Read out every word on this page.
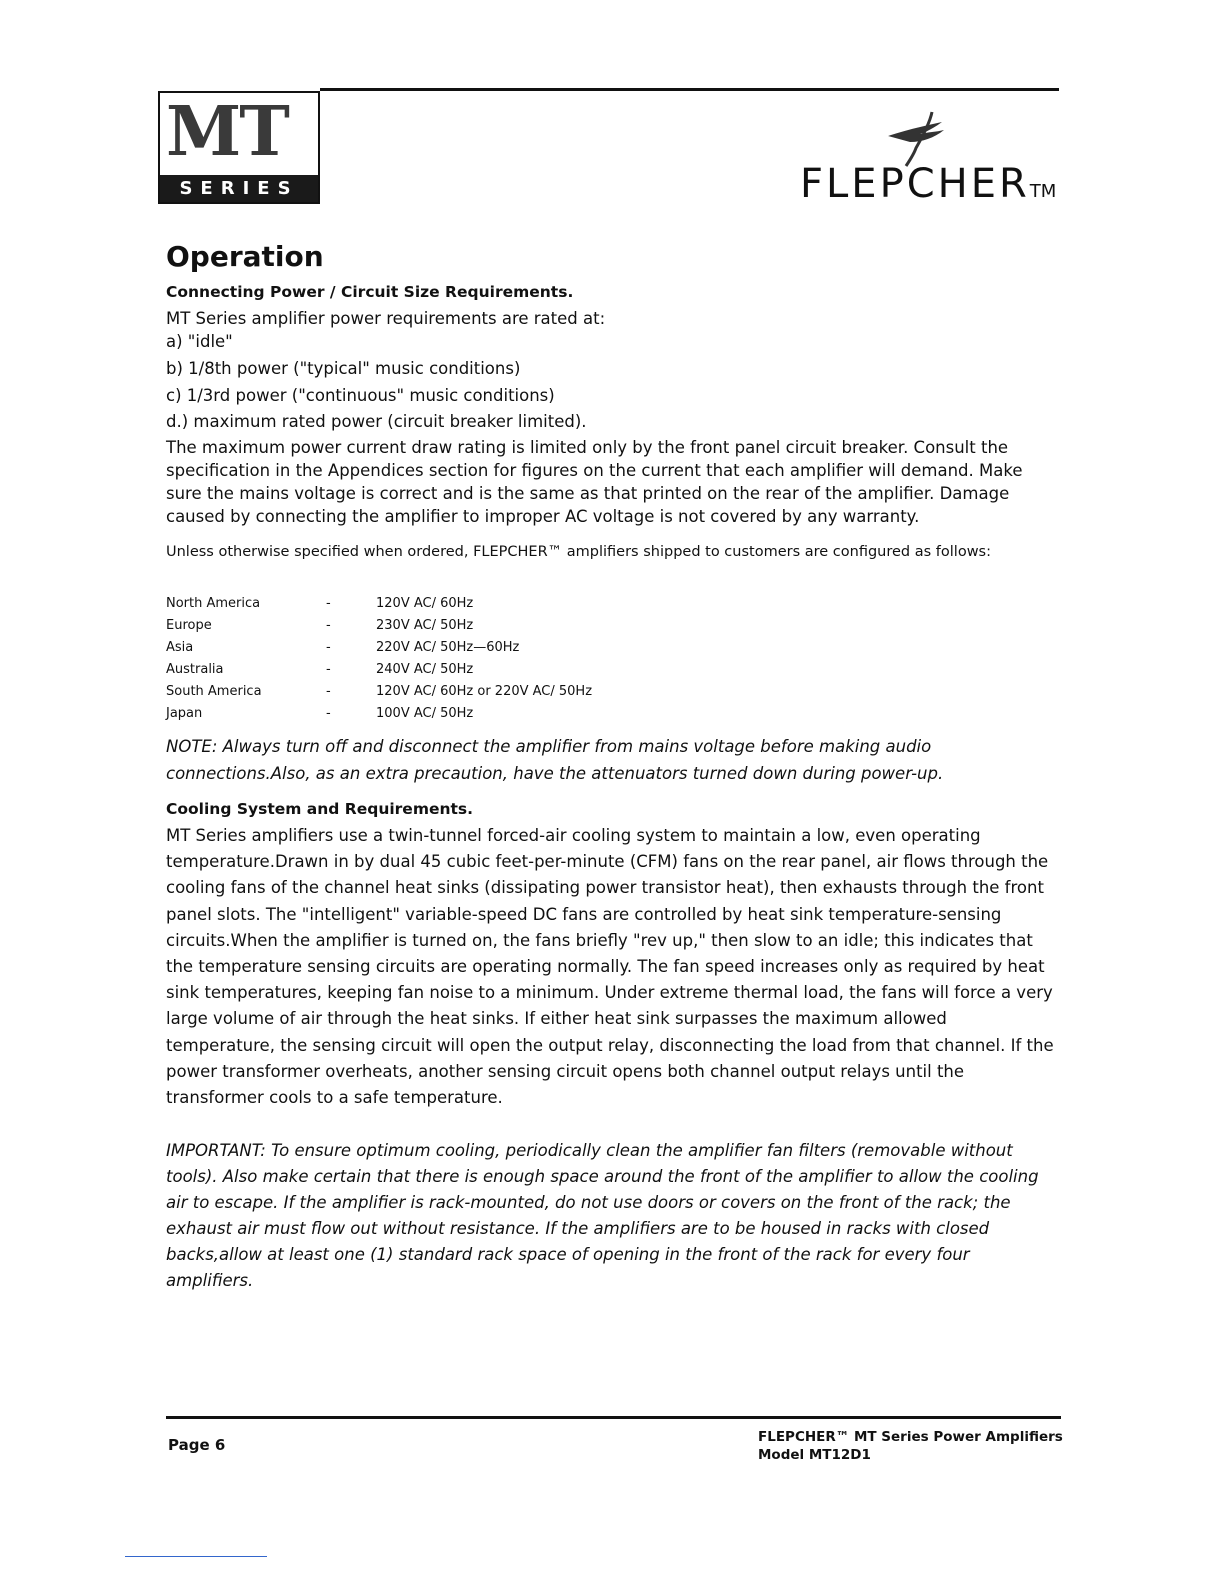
MT
SERIES	FLEPCHER™
Operation
Connecting Power / Circuit Size Requirements.
MT Series amplifier power requirements are rated at:
a) "idle"
b) 1/8th power ("typical" music conditions)
c) 1/3rd power ("continuous" music conditions)
d.) maximum rated power (circuit breaker limited).
The maximum power current draw rating is limited only by the front panel circuit breaker. Consult the specification in the Appendices section for figures on the current that each amplifier will demand. Make sure the mains voltage is correct and is the same as that printed on the rear of the amplifier. Damage caused by connecting the amplifier to improper AC voltage is not covered by any warranty.
Unless otherwise specified when ordered, FLEPCHER™ amplifiers shipped to customers are configured as follows:
North America	-	120V AC/ 60Hz
Europe	-	230V AC/ 50Hz
Asia	-	220V AC/ 50Hz—60Hz
Australia	-	240V AC/ 50Hz
South America	-	120V AC/ 60Hz or 220V AC/ 50Hz
Japan	-	100V AC/ 50Hz
NOTE: Always turn off and disconnect the amplifier from mains voltage before making audio connections.Also, as an extra precaution, have the attenuators turned down during power-up.
Cooling System and Requirements.
MT Series amplifiers use a twin-tunnel forced-air cooling system to maintain a low, even operating temperature.Drawn in by dual 45 cubic feet-per-minute (CFM) fans on the rear panel, air flows through the cooling fans of the channel heat sinks (dissipating power transistor heat), then exhausts through the front panel slots. The "intelligent" variable-speed DC fans are controlled by heat sink temperature-sensing circuits.When the amplifier is turned on, the fans briefly "rev up," then slow to an idle; this indicates that the temperature sensing circuits are operating normally. The fan speed increases only as required by heat sink temperatures, keeping fan noise to a minimum. Under extreme thermal load, the fans will force a very large volume of air through the heat sinks. If either heat sink surpasses the maximum allowed temperature, the sensing circuit will open the output relay, disconnecting the load from that channel. If the power transformer overheats, another sensing circuit opens both channel output relays until the transformer cools to a safe temperature.
IMPORTANT: To ensure optimum cooling, periodically clean the amplifier fan filters (removable without tools). Also make certain that there is enough space around the front of the amplifier to allow the cooling air to escape. If the amplifier is rack-mounted, do not use doors or covers on the front of the rack; the exhaust air must flow out without resistance. If the amplifiers are to be housed in racks with closed backs,allow at least one (1) standard rack space of opening in the front of the rack for every four amplifiers.
Page 6	FLEPCHER™ MT Series Power Amplifiers
Model MT12D1
